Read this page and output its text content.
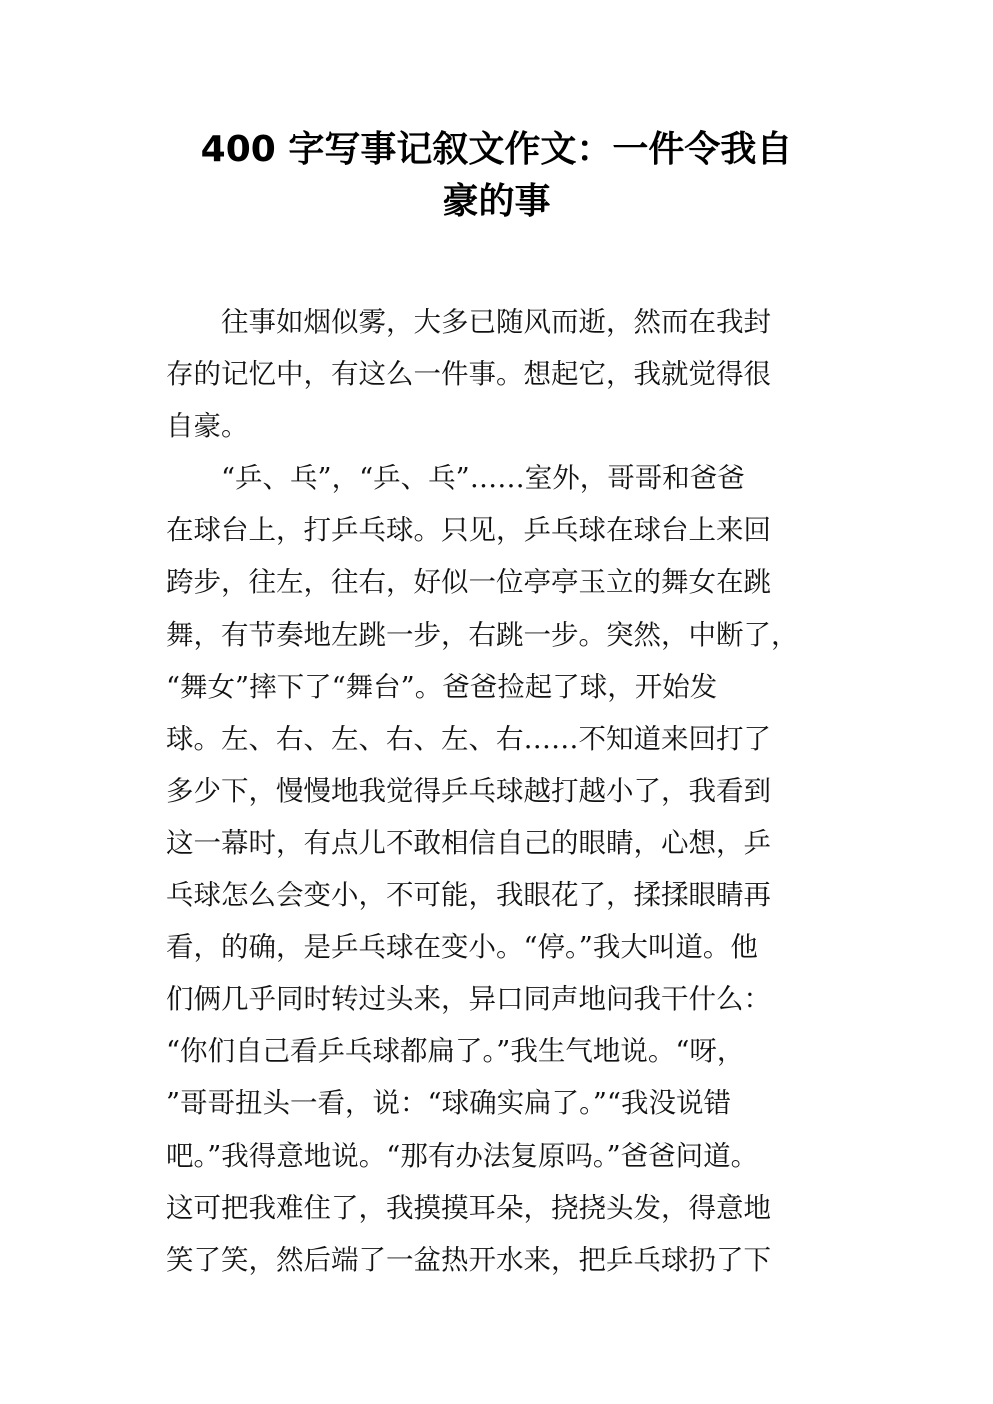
400 字写事记叙文作文：一件令我自
豪的事
　　往事如烟似雾，大多已随风而逝，然而在我封
存的记忆中，有这么一件事。想起它，我就觉得很
自豪。
　　“乒、乓”，“乒、乓”……室外，哥哥和爸爸
在球台上，打乒乓球。只见，乒乓球在球台上来回
跨步，往左，往右，好似一位亭亭玉立的舞女在跳
舞，有节奏地左跳一步，右跳一步。突然，中断了，
“舞女”摔下了“舞台”。爸爸捡起了球，开始发
球。左、右、左、右、左、右……不知道来回打了
多少下，慢慢地我觉得乒乓球越打越小了，我看到
这一幕时，有点儿不敢相信自己的眼睛，心想，乒
乓球怎么会变小，不可能，我眼花了，揉揉眼睛再
看，的确，是乒乓球在变小。“停。”我大叫道。他
们俩几乎同时转过头来，异口同声地问我干什么：
“你们自己看乒乓球都扁了。”我生气地说。“呀，
”哥哥扭头一看，说：“球确实扁了。”“我没说错
吧。”我得意地说。“那有办法复原吗。”爸爸问道。
这可把我难住了，我摸摸耳朵，挠挠头发，得意地
笑了笑，然后端了一盆热开水来，把乒乓球扔了下
